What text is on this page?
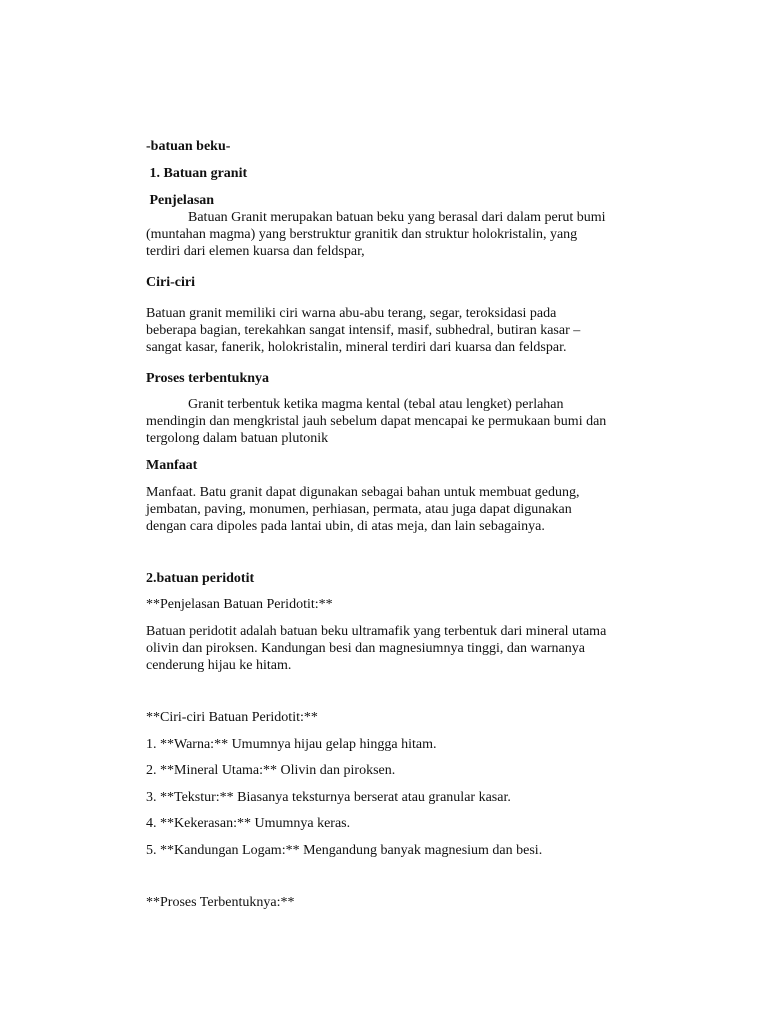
-batuan beku-

1. Batuan granit

Penjelasan

Batuan Granit merupakan batuan beku yang berasal dari dalam perut bumi

(muntahan magma) yang berstruktur granitik dan struktur holokristalin, yang

terdiri dari elemen kuarsa dan feldspar,

Ciri-ciri

Batuan granit memiliki ciri warna abu-abu terang, segar, teroksidasi pada

beberapa bagian, terekahkan sangat intensif, masif, subhedral, butiran kasar –

sangat kasar, fanerik, holokristalin, mineral terdiri dari kuarsa dan feldspar.

Proses terbentuknya

Granit terbentuk ketika magma kental (tebal atau lengket) perlahan

mendingin dan mengkristal jauh sebelum dapat mencapai ke permukaan bumi dan

tergolong dalam batuan plutonik

Manfaat

Manfaat. Batu granit dapat digunakan sebagai bahan untuk membuat gedung,

jembatan, paving, monumen, perhiasan, permata, atau juga dapat digunakan

dengan cara dipoles pada lantai ubin, di atas meja, dan lain sebagainya.

2.batuan peridotit

**Penjelasan Batuan Peridotit:**

Batuan peridotit adalah batuan beku ultramafik yang terbentuk dari mineral utama

olivin dan piroksen. Kandungan besi dan magnesiumnya tinggi, dan warnanya

cenderung hijau ke hitam.

**Ciri-ciri Batuan Peridotit:**

1. **Warna:** Umumnya hijau gelap hingga hitam.

2. **Mineral Utama:** Olivin dan piroksen.

3. **Tekstur:** Biasanya teksturnya berserat atau granular kasar.

4. **Kekerasan:** Umumnya keras.

5. **Kandungan Logam:** Mengandung banyak magnesium dan besi.

**Proses Terbentuknya:**
